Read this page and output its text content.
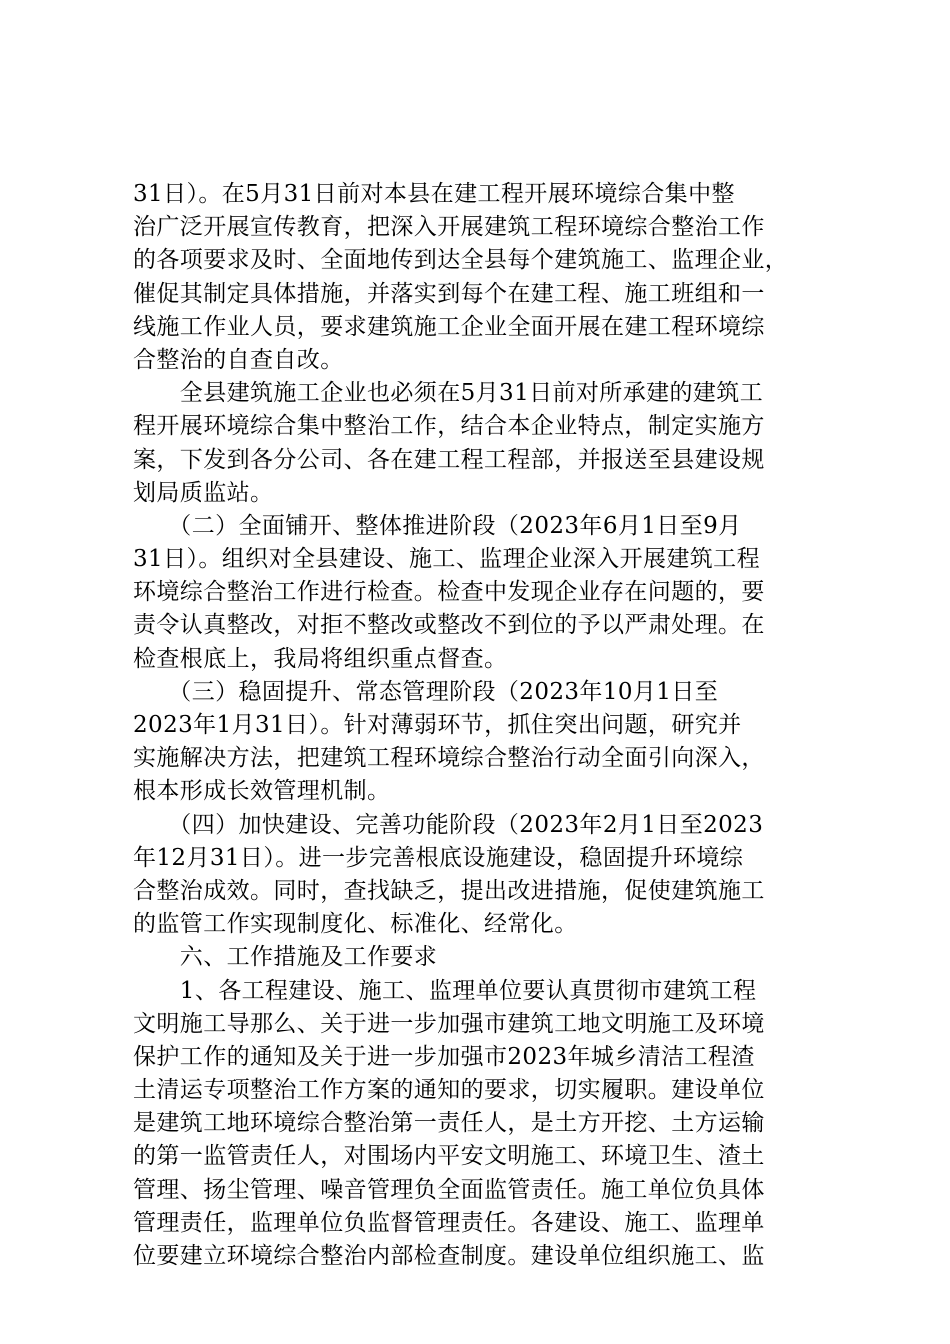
31日）。在5月31日前对本县在建工程开展环境综合集中整
治广泛开展宣传教育，把深入开展建筑工程环境综合整治工作
的各项要求及时、全面地传到达全县每个建筑施工、监理企业，
催促其制定具体措施，并落实到每个在建工程、施工班组和一
线施工作业人员，要求建筑施工企业全面开展在建工程环境综
合整治的自查自改。
　　全县建筑施工企业也必须在5月31日前对所承建的建筑工
程开展环境综合集中整治工作，结合本企业特点，制定实施方
案，下发到各分公司、各在建工程工程部，并报送至县建设规
划局质监站。
　　（二）全面铺开、整体推进阶段（2023年6月1日至9月
31日）。组织对全县建设、施工、监理企业深入开展建筑工程
环境综合整治工作进行检查。检查中发现企业存在问题的，要
责令认真整改，对拒不整改或整改不到位的予以严肃处理。在
检查根底上，我局将组织重点督查。
　　（三）稳固提升、常态管理阶段（2023年10月1日至
2023年1月31日）。针对薄弱环节，抓住突出问题，研究并
实施解决方法，把建筑工程环境综合整治行动全面引向深入，
根本形成长效管理机制。
　　（四）加快建设、完善功能阶段（2023年2月1日至2023
年12月31日）。进一步完善根底设施建设，稳固提升环境综
合整治成效。同时，查找缺乏，提出改进措施，促使建筑施工
的监管工作实现制度化、标准化、经常化。
　　六、工作措施及工作要求
　　1、各工程建设、施工、监理单位要认真贯彻市建筑工程
文明施工导那么、关于进一步加强市建筑工地文明施工及环境
保护工作的通知及关于进一步加强市2023年城乡清洁工程渣
土清运专项整治工作方案的通知的要求，切实履职。建设单位
是建筑工地环境综合整治第一责任人，是土方开挖、土方运输
的第一监管责任人，对围场内平安文明施工、环境卫生、渣土
管理、扬尘管理、噪音管理负全面监管责任。施工单位负具体
管理责任，监理单位负监督管理责任。各建设、施工、监理单
位要建立环境综合整治内部检查制度。建设单位组织施工、监
